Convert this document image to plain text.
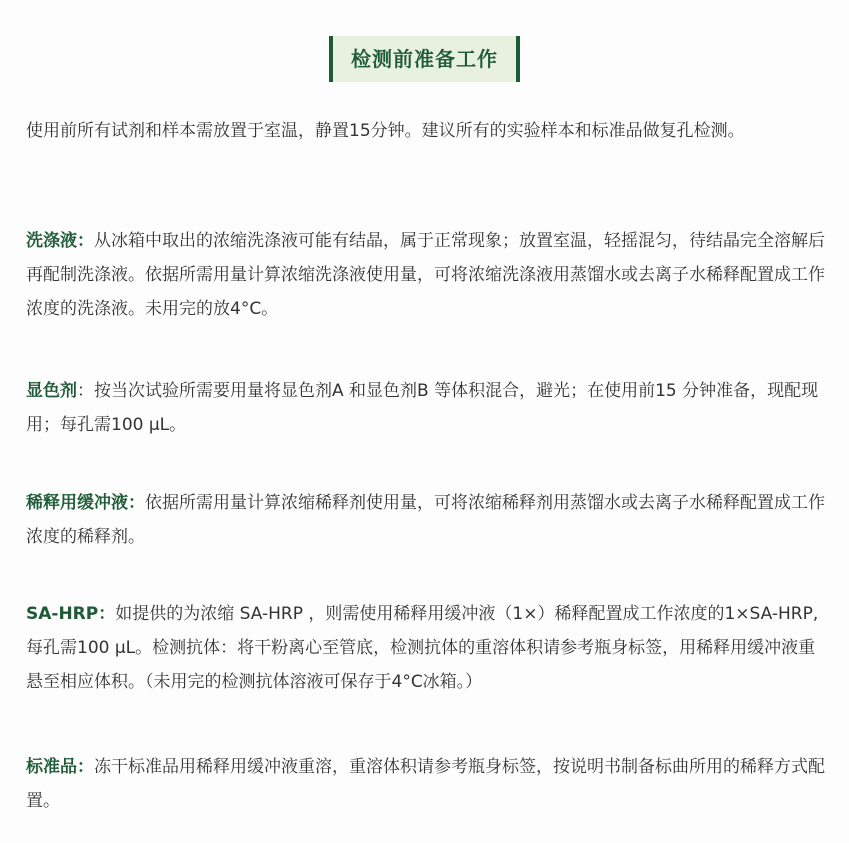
检测前准备工作

使用前所有试剂和样本需放置于室温，静置15分钟。建议所有的实验样本和标准品做复孔检测。

洗涤液：从冰箱中取出的浓缩洗涤液可能有结晶，属于正常现象；放置室温，轻摇混匀，待结晶完全溶解后再配制洗涤液。依据所需用量计算浓缩洗涤液使用量，可将浓缩洗涤液用蒸馏水或去离子水稀释配置成工作浓度的洗涤液。未用完的放4°C。

显色剂：按当次试验所需要用量将显色剂A 和显色剂B 等体积混合，避光；在使用前15 分钟准备，现配现用；每孔需100 µL。

稀释用缓冲液：依据所需用量计算浓缩稀释剂使用量，可将浓缩稀释剂用蒸馏水或去离子水稀释配置成工作浓度的稀释剂。

SA-HRP：如提供的为浓缩 SA-HRP ，则需使用稀释用缓冲液（1×）稀释配置成工作浓度的1×SA-HRP,每孔需100 µL。检测抗体：将干粉离心至管底，检测抗体的重溶体积请参考瓶身标签，用稀释用缓冲液重悬至相应体积。（未用完的检测抗体溶液可保存于4°C冰箱。）

标准品：冻干标准品用稀释用缓冲液重溶，重溶体积请参考瓶身标签，按说明书制备标曲所用的稀释方式配置。
